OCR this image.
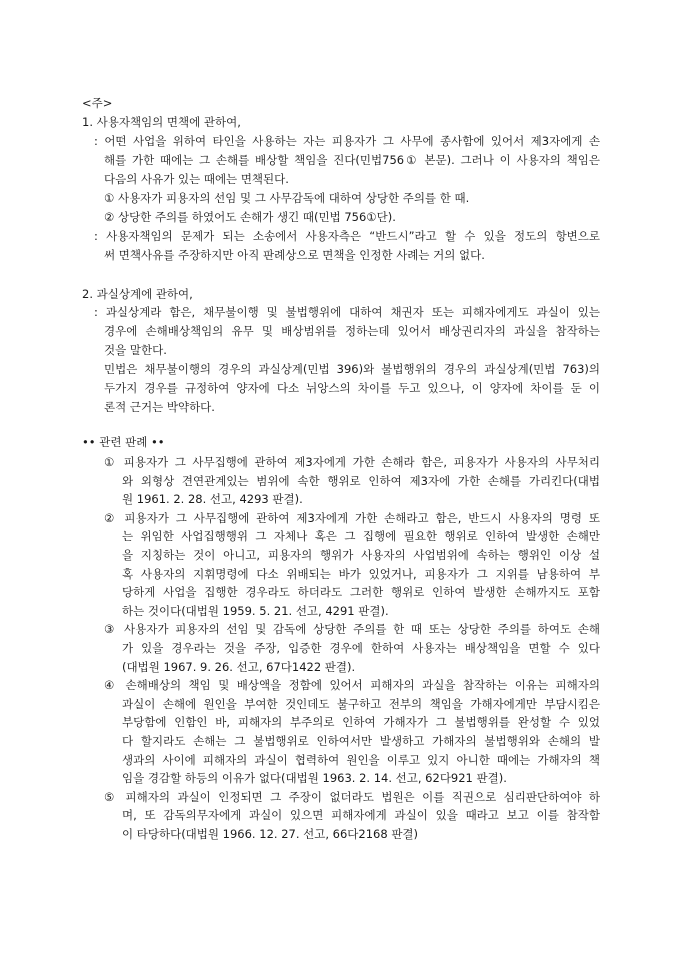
<주>
1. 사용자책임의 면책에 관하여,
: 어떤 사업을 위하여 타인을 사용하는 자는 피용자가 그 사무에 종사함에 있어서 제3자에게 손
해를 가한 때에는 그 손해를 배상할 책임을 진다(민법756① 본문). 그러나 이 사용자의 책임은
다음의 사유가 있는 때에는 면책된다.
① 사용자가 피용자의 선임 및 그 사무감독에 대하여 상당한 주의를 한 때.
② 상당한 주의를 하였어도 손해가 생긴 때(민법 756①단).
: 사용자책임의 문제가 되는 소송에서 사용자측은 “반드시”라고 할 수 있을 정도의 항변으로
써 면책사유를 주장하지만 아직 판례상으로 면책을 인정한 사례는 거의 없다.
2. 과실상계에 관하여,
: 과실상계라 함은, 채무불이행 및 불법행위에 대하여 채권자 또는 피해자에게도 과실이 있는
경우에 손해배상책임의 유무 및 배상범위를 정하는데 있어서 배상권리자의 과실을 참작하는
것을 말한다.
민법은 채무불이행의 경우의 과실상계(민법 396)와 불법행위의 경우의 과실상계(민법 763)의
두가지 경우를 규정하여 양자에 다소 뉘앙스의 차이를 두고 있으나, 이 양자에 차이를 둔 이
론적 근거는 박약하다.
•• 관련 판례 ••
① 피용자가 그 사무집행에 관하여 제3자에게 가한 손해라 함은, 피용자가 사용자의 사무처리
와 외형상 견연관계있는 범위에 속한 행위로 인하여 제3자에 가한 손해를 가리킨다(대법
원 1961. 2. 28. 선고, 4293 판결).
② 피용자가 그 사무집행에 관하여 제3자에게 가한 손해라고 함은, 반드시 사용자의 명령 또
는 위임한 사업집행행위 그 자체나 혹은 그 집행에 필요한 행위로 인하여 발생한 손해만
을 지칭하는 것이 아니고, 피용자의 행위가 사용자의 사업범위에 속하는 행위인 이상 설
혹 사용자의 지휘명령에 다소 위배되는 바가 있었거나, 피용자가 그 지위를 남용하여 부
당하게 사업을 집행한 경우라도 하더라도 그러한 행위로 인하여 발생한 손해까지도 포함
하는 것이다(대법원 1959. 5. 21. 선고, 4291 판결).
③ 사용자가 피용자의 선임 및 감독에 상당한 주의를 한 때 또는 상당한 주의를 하여도 손해
가 있을 경우라는 것을 주장, 입증한 경우에 한하여 사용자는 배상책임을 면할 수 있다
(대법원 1967. 9. 26. 선고, 67다1422 판결).
④ 손해배상의 책임 및 배상액을 정함에 있어서 피해자의 과실을 참작하는 이유는 피해자의
과실이 손해에 원인을 부여한 것인데도 불구하고 전부의 책임을 가해자에게만 부담시킴은
부당함에 인함인 바, 피해자의 부주의로 인하여 가해자가 그 불법행위를 완성할 수 있었
다 할지라도 손해는 그 불법행위로 인하여서만 발생하고 가해자의 불법행위와 손해의 발
생과의 사이에 피해자의 과실이 협력하여 원인을 이루고 있지 아니한 때에는 가해자의 책
임을 경감할 하등의 이유가 없다(대법원 1963. 2. 14. 선고, 62다921 판결).
⑤ 피해자의 과실이 인정되면 그 주장이 없더라도 법원은 이를 직권으로 심리판단하여야 하
며, 또 감독의무자에게 과실이 있으면 피해자에게 과실이 있을 때라고 보고 이를 참작함
이 타당하다(대법원 1966. 12. 27. 선고, 66다2168 판결)
